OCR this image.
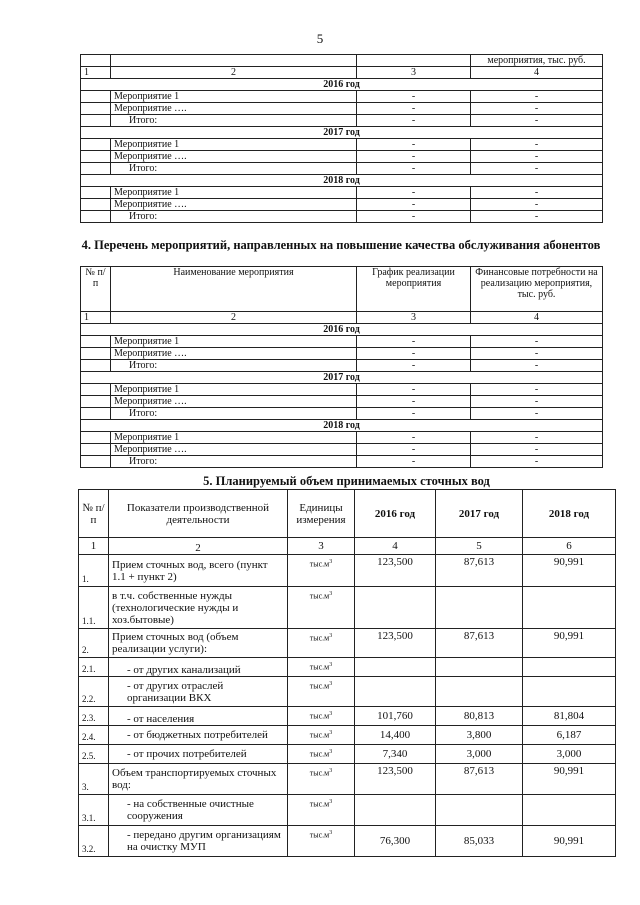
5
			мероприятия, тыс. руб.
1	2	3	4
2016 год			
	Мероприятие 1	-	-
	Мероприятие ….	-	-
	Итого:	-	-
2017 год			
	Мероприятие 1	-	-
	Мероприятие ….	-	-
	Итого:	-	-
2018 год			
	Мероприятие 1	-	-
	Мероприятие ….	-	-
	Итого:	-	-
4. Перечень мероприятий, направленных на повышение качества обслуживания абонентов
№ п/п	Наименование мероприятия	График реализации мероприятия	Финансовые потребности на реализацию мероприятия, тыс. руб.
1	2	3	4
2016 год			
	Мероприятие 1	-	-
	Мероприятие ….	-	-
	Итого:	-	-
2017 год			
	Мероприятие 1	-	-
	Мероприятие ….	-	-
	Итого:	-	-
2018 год			
	Мероприятие 1	-	-
	Мероприятие ….	-	-
	Итого:	-	-
5. Планируемый объем принимаемых сточных вод
№ п/п	Показатели производственной деятельности	Единицы измерения	2016 год	2017 год	2018 год
1	2	3	4	5	6
1.	Прием сточных вод, всего (пункт 1.1 + пункт 2)	$тыс.м^3$	123,500	87,613	90,991
1.1.	в т.ч. собственные нужды (технологические нужды и хоз.бытовые)	$тыс.м^3$			
2.	Прием сточных вод (объем реализации услуги):	$тыс.м^3$	123,500	87,613	90,991
2.1.	- от других канализаций	$тыс.м^3$			
2.2.	- от других отраслей организации ВКХ	$тыс.м^3$			
2.3.	- от населения	$тыс.м^3$	101,760	80,813	81,804
2.4.	- от бюджетных потребителей	$тыс.м^3$	14,400	3,800	6,187
2.5.	- от прочих потребителей	$тыс.м^3$	7,340	3,000	3,000
3.	Объем транспортируемых сточных вод:	$тыс.м^3$	123,500	87,613	90,991
3.1.	- на собственные очистные сооружения	$тыс.м^3$			
3.2.	- передано другим организациям на очистку МУП	$тыс.м^3$	76,300	85,033	90,991
